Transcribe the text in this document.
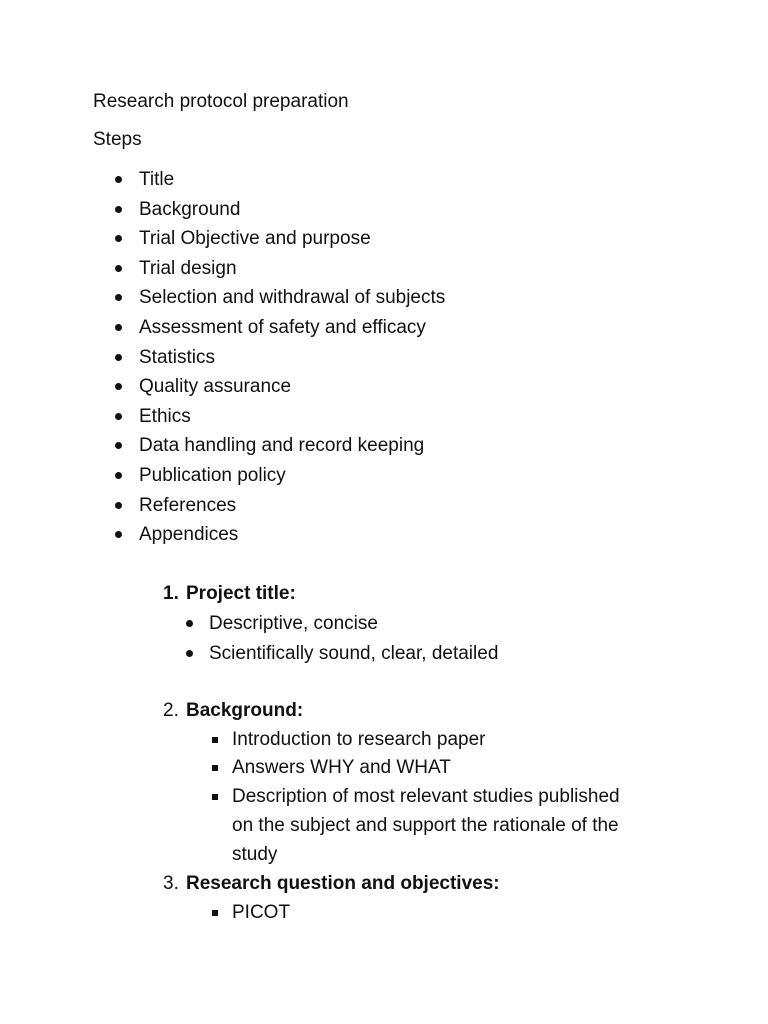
Research protocol preparation
Steps
Title
Background
Trial Objective and purpose
Trial design
Selection and withdrawal of subjects
Assessment of safety and efficacy
Statistics
Quality assurance
Ethics
Data handling and record keeping
Publication policy
References
Appendices
1. Project title:
Descriptive, concise
Scientifically sound, clear, detailed
2. Background:
Introduction to research paper
Answers WHY and WHAT
Description of most relevant studies published
on the subject and support the rationale of the
study
3. Research question and objectives:
PICOT
